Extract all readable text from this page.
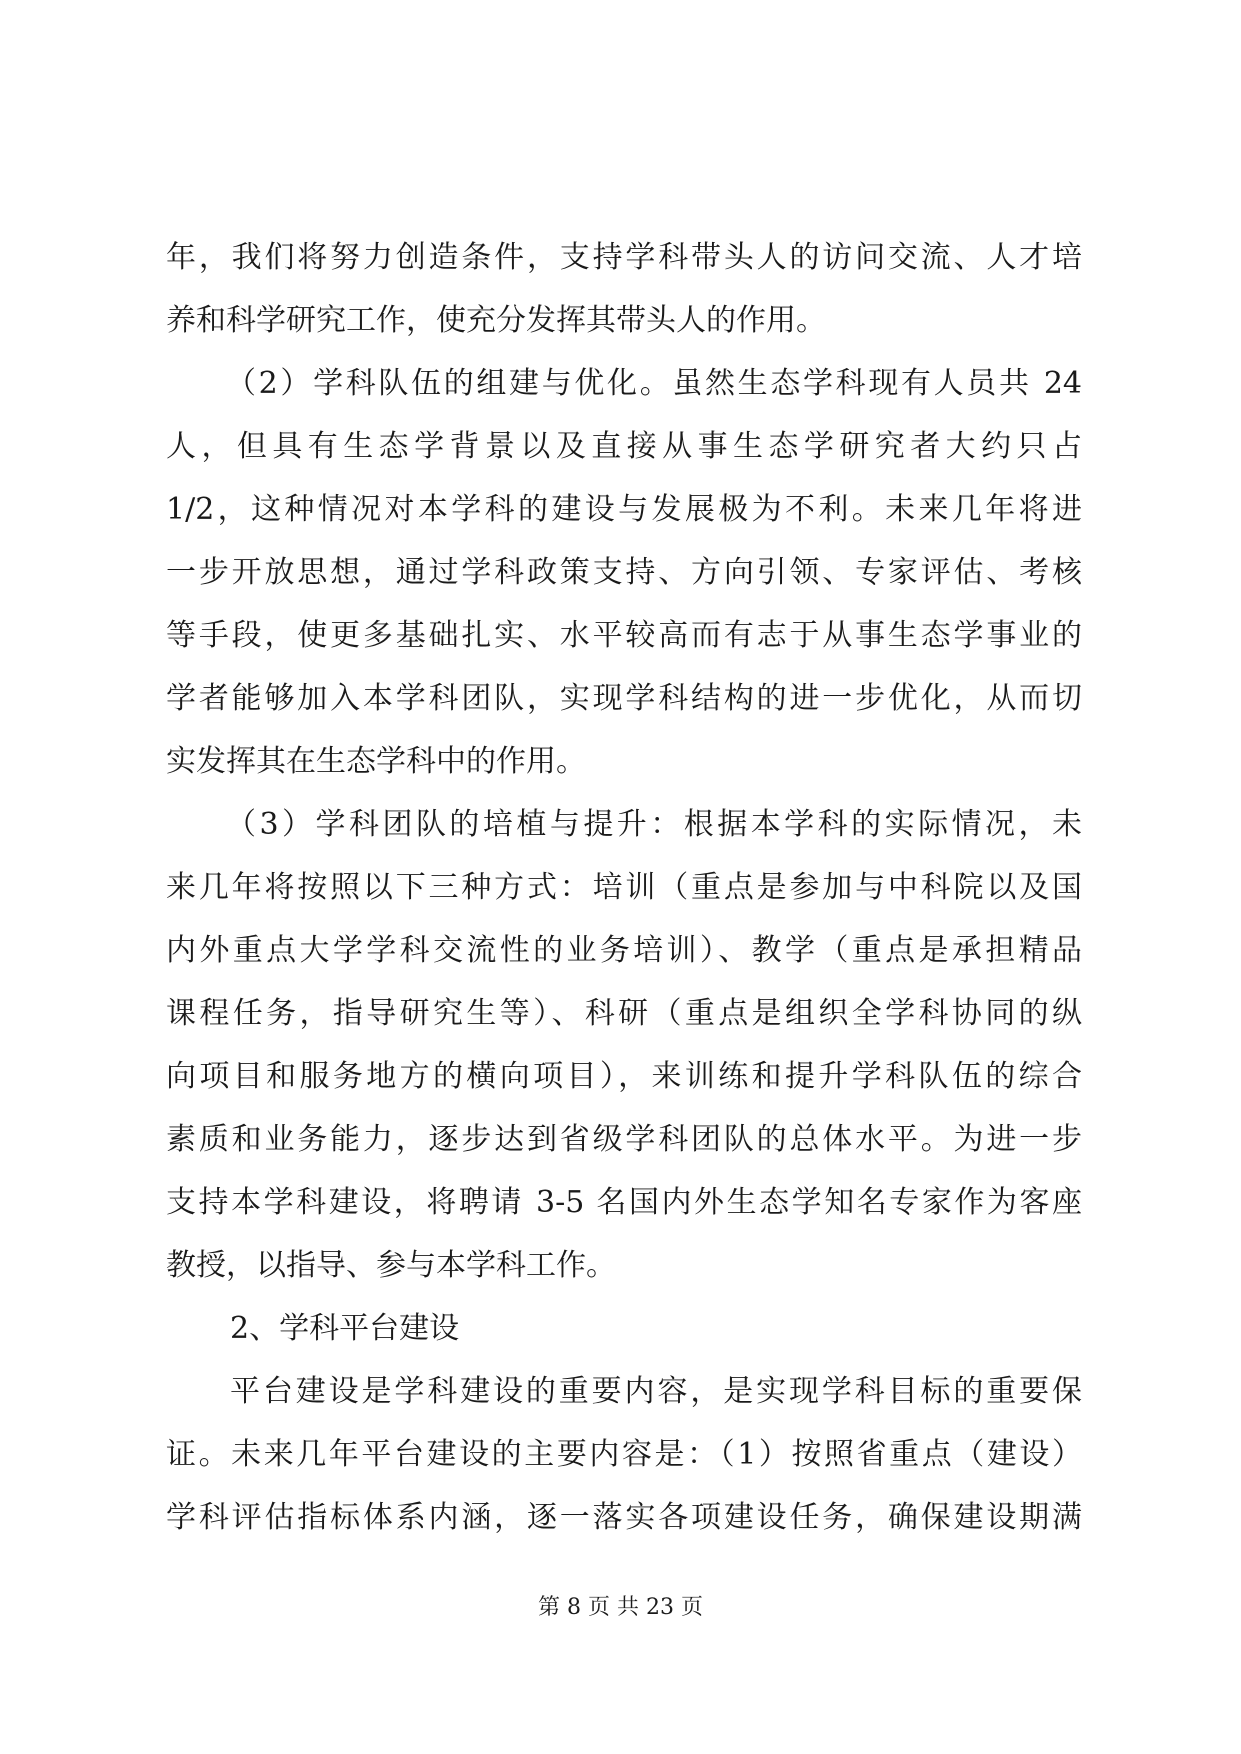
年，我们将努力创造条件，支持学科带头人的访问交流、人才培
养和科学研究工作，使充分发挥其带头人的作用。
（2）学科队伍的组建与优化。虽然生态学科现有人员共 24
人，但具有生态学背景以及直接从事生态学研究者大约只占
1/2，这种情况对本学科的建设与发展极为不利。未来几年将进
一步开放思想，通过学科政策支持、方向引领、专家评估、考核
等手段，使更多基础扎实、水平较高而有志于从事生态学事业的
学者能够加入本学科团队，实现学科结构的进一步优化，从而切
实发挥其在生态学科中的作用。
（3）学科团队的培植与提升：根据本学科的实际情况，未
来几年将按照以下三种方式：培训（重点是参加与中科院以及国
内外重点大学学科交流性的业务培训）、教学（重点是承担精品
课程任务，指导研究生等）、科研（重点是组织全学科协同的纵
向项目和服务地方的横向项目），来训练和提升学科队伍的综合
素质和业务能力，逐步达到省级学科团队的总体水平。为进一步
支持本学科建设，将聘请 3-5 名国内外生态学知名专家作为客座
教授，以指导、参与本学科工作。
2、学科平台建设
平台建设是学科建设的重要内容，是实现学科目标的重要保
证。未来几年平台建设的主要内容是：（1）按照省重点（建设）
学科评估指标体系内涵，逐一落实各项建设任务，确保建设期满
第 8 页 共 23 页
